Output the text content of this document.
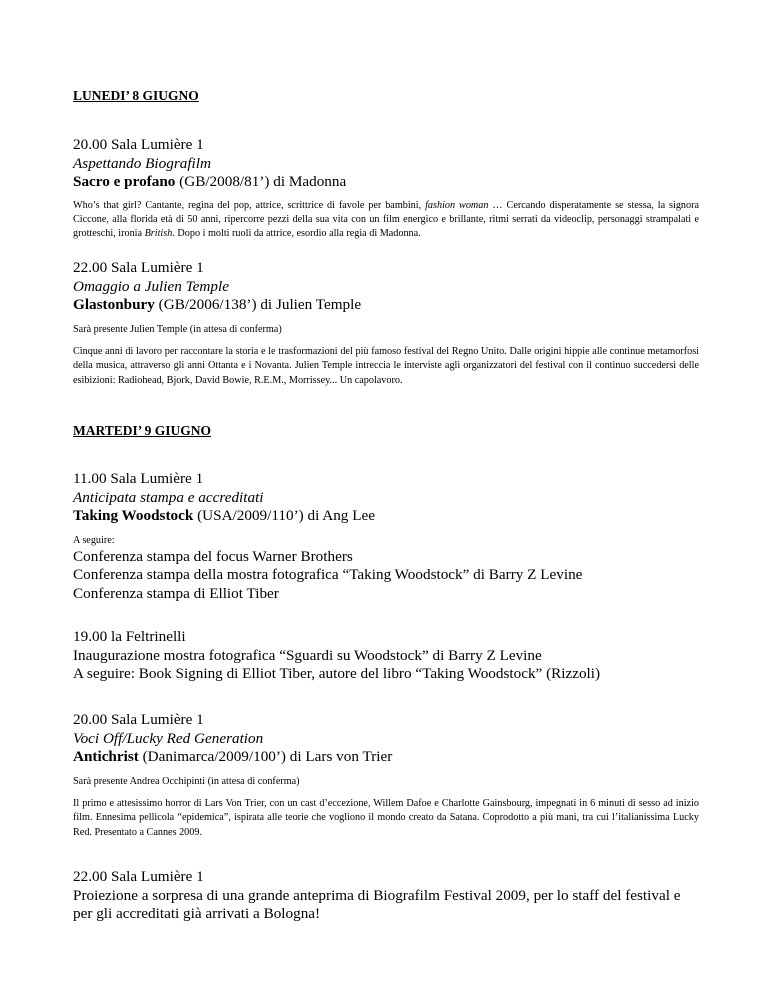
LUNEDI’ 8 GIUGNO
20.00 Sala Lumière 1
Aspettando Biografilm
Sacro e profano (GB/2008/81’) di Madonna
Who’s that girl? Cantante, regina del pop, attrice, scrittrice di favole per bambini, fashion woman … Cercando disperatamente se stessa, la signora Ciccone, alla florida età di 50 anni, ripercorre pezzi della sua vita con un film energico e brillante, ritmi serrati da videoclip, personaggi strampalati e grotteschi, ironia British. Dopo i molti ruoli da attrice, esordio alla regia di Madonna.
22.00 Sala Lumière 1
Omaggio a Julien Temple
Glastonbury (GB/2006/138’) di Julien Temple
Sarà presente Julien Temple (in attesa di conferma)
Cinque anni di lavoro per raccontare la storia e le trasformazioni del più famoso festival del Regno Unito. Dalle origini hippie alle continue metamorfosi della musica, attraverso gli anni Ottanta e i Novanta. Julien Temple intreccia le interviste agli organizzatori del festival con il continuo succedersi delle esibizioni: Radiohead, Bjork, David Bowie, R.E.M., Morrissey... Un capolavoro.
MARTEDI’ 9 GIUGNO
11.00 Sala Lumière 1
Anticipata stampa e accreditati
Taking Woodstock (USA/2009/110’) di Ang Lee
A seguire:
Conferenza stampa del focus Warner Brothers
Conferenza stampa della mostra fotografica “Taking Woodstock” di Barry Z Levine
Conferenza stampa di Elliot Tiber
19.00 la Feltrinelli
Inaugurazione mostra fotografica “Sguardi su Woodstock” di Barry Z Levine
A seguire: Book Signing di Elliot Tiber, autore del libro “Taking Woodstock” (Rizzoli)
20.00 Sala Lumière 1
Voci Off/Lucky Red Generation
Antichrist (Danimarca/2009/100’) di Lars von Trier
Sarà presente Andrea Occhipinti (in attesa di conferma)
Il primo e attesissimo horror di Lars Von Trier, con un cast d’eccezione, Willem Dafoe e Charlotte Gainsbourg, impegnati in 6 minuti di sesso ad inizio film. Ennesima pellicola “epidemica”, ispirata alle teorie che vogliono il mondo creato da Satana. Coprodotto a più mani, tra cui l’italianissima Lucky Red. Presentato a Cannes 2009.
22.00 Sala Lumière 1
Proiezione a sorpresa di una grande anteprima di Biografilm Festival 2009, per lo staff del festival e per gli accreditati già arrivati a Bologna!
